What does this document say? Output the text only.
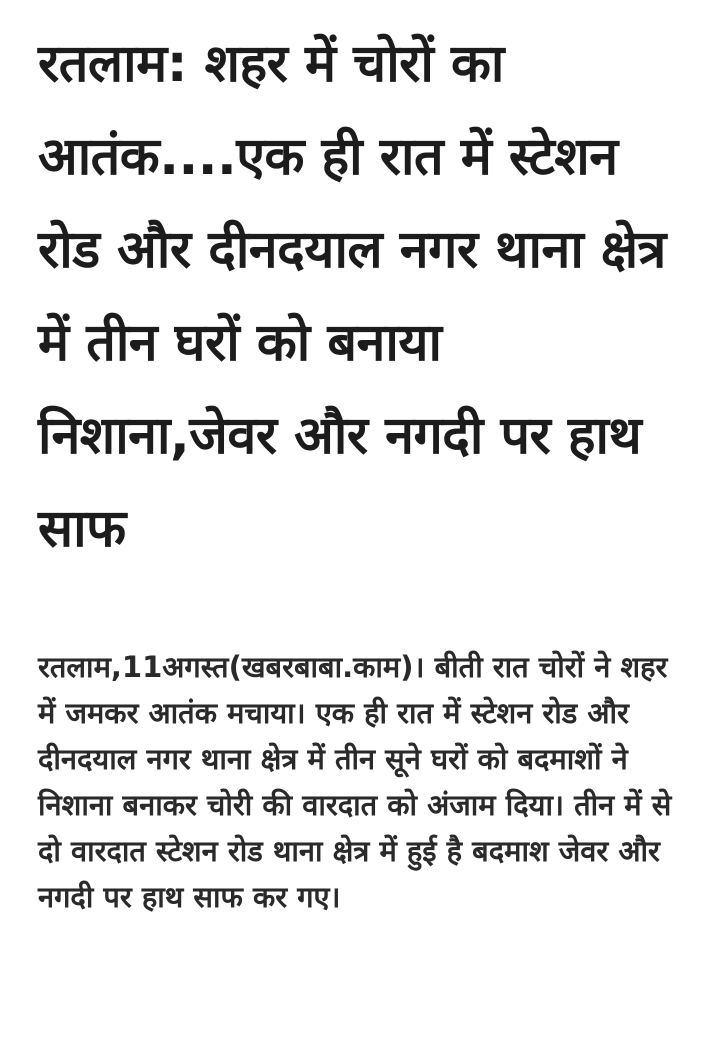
रतलाम: शहर में चोरों का आतंक....एक ही रात में स्टेशन रोड और दीनदयाल नगर थाना क्षेत्र में तीन घरों को बनाया निशाना,जेवर और नगदी पर हाथ साफ

रतलाम,11अगस्त(खबरबाबा.काम)। बीती रात चोरों ने शहर में जमकर आतंक मचाया। एक ही रात में स्टेशन रोड और दीनदयाल नगर थाना क्षेत्र में तीन सूने घरों को बदमाशों ने निशाना बनाकर चोरी की वारदात को अंजाम दिया। तीन में से दो वारदात स्टेशन रोड थाना क्षेत्र में हुई है बदमाश जेवर और नगदी पर हाथ साफ कर गए।
